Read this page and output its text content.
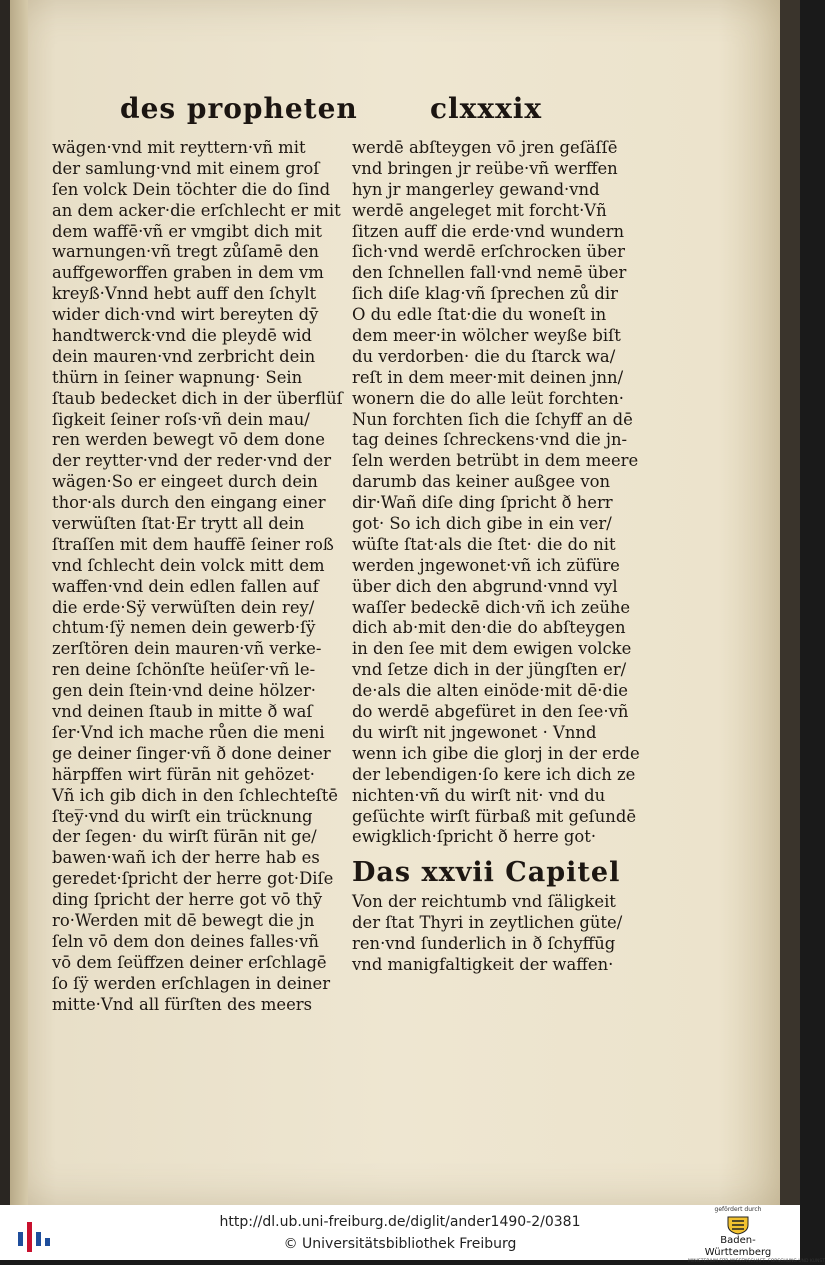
des propheten	clxxxix
wägen·vnd mit reyttern·vñ mit
der samlung·vnd mit einem groſ
ſen volck Dein töchter die do ſind
an dem acker·die erſchlecht er mit
dem waffē·vñ er vmgibt dich mit
warnungen·vñ tregt zůſamē den
auffgeworffen graben in dem vm
kreyß·Vnnd hebt auff den ſchylt
wider dich·vnd wirt bereyten dȳ
handtwerck·vnd die pleydē wid
dein mauren·vnd zerbricht dein
thürn in ſeiner wapnung· Sein
ſtaub bedecket dich in der überflüſ
ſigkeit ſeiner roſs·vñ dein mau/
ren werden bewegt vō dem done
der reytter·vnd der reder·vnd der
wägen·So er eingeet durch dein
thor·als durch den eingang einer
verwüſten ſtat·Er trytt all dein
ſtraſſen mit dem hauffē ſeiner roß
vnd ſchlecht dein volck mitt dem
waffen·vnd dein edlen fallen auf
die erde·Sÿ verwüſten dein rey/
chtum·ſÿ nemen dein gewerb·ſÿ
zerſtören dein mauren·vñ verke-
ren deine ſchönſte heüſer·vñ le-
gen dein ſtein·vnd deine hölzer·
vnd deinen ſtaub in mitte ð waſ
ſer·Vnd ich mache růen die meni
ge deiner ſinger·vñ ð done deiner
härpffen wirt fürān nit gehözet·
Vñ ich gib dich in den ſchlechteſtē
ſtey̅·vnd du wirſt ein trücknung
der ſegen· du wirſt fürān nit ge/
bawen·wañ ich der herre hab es
geredet·ſpricht der herre got·Diſe
ding ſpricht der herre got vō thȳ
ro·Werden mit dē bewegt die jn
ſeln vō dem don deines falles·vñ
vō dem ſeüffzen deiner erſchlagē
ſo ſÿ werden erſchlagen in deiner
mitte·Vnd all fürſten des meers
werdē abſteygen vō jren geſäſſē
vnd bringen jr reübe·vñ werffen
hyn jr mangerley gewand·vnd
werdē angeleget mit forcht·Vñ
ſitzen auff die erde·vnd wundern
ſich·vnd werdē erſchrocken über
den ſchnellen fall·vnd nemē über
ſich diſe klag·vñ ſprechen zů dir
O du edle ſtat·die du woneſt in
dem meer·in wölcher weyße biſt
du verdorben· die du ſtarck wa/
reſt in dem meer·mit deinen jnn/
wonern die do alle leüt forchten·
Nun forchten ſich die ſchyff an dē
tag deines ſchreckens·vnd die jn-
ſeln werden betrübt in dem meere
darumb das keiner außgee von
dir·Wañ diſe ding ſpricht ð herr
got· So ich dich gibe in ein ver/
wüſte ſtat·als die ſtet· die do nit
werden jngewonet·vñ ich züfüre
über dich den abgrund·vnnd vyl
waſſer bedeckē dich·vñ ich zeühe
dich ab·mit den·die do abſteygen
in den ſee mit dem ewigen volcke
vnd ſetze dich in der jüngſten er/
de·als die alten einöde·mit dē·die
do werdē abgefüret in den ſee·vñ
du wirſt nit jngewonet · Vnnd
wenn ich gibe die glorj in der erde
der lebendigen·ſo kere ich dich ze
nichten·vñ du wirſt nit· vnd du
geſüchte wirſt fürbaß mit geſundē
ewigklich·ſpricht ð herre got·
Das xxvii Capitel
Von der reichtumb vnd ſäligkeit
der ſtat Thyri in zeytlichen güte/
ren·vnd ſunderlich in ð ſchyffūg
vnd manigfaltigkeit der waffen·
http://dl.ub.uni-freiburg.de/diglit/ander1490-2/0381
© Universitätsbibliothek Freiburg
gefördert durch
Baden-Württemberg
MINISTERIUM FÜR WISSENSCHAFT, FORSCHUNG UND KUNST
